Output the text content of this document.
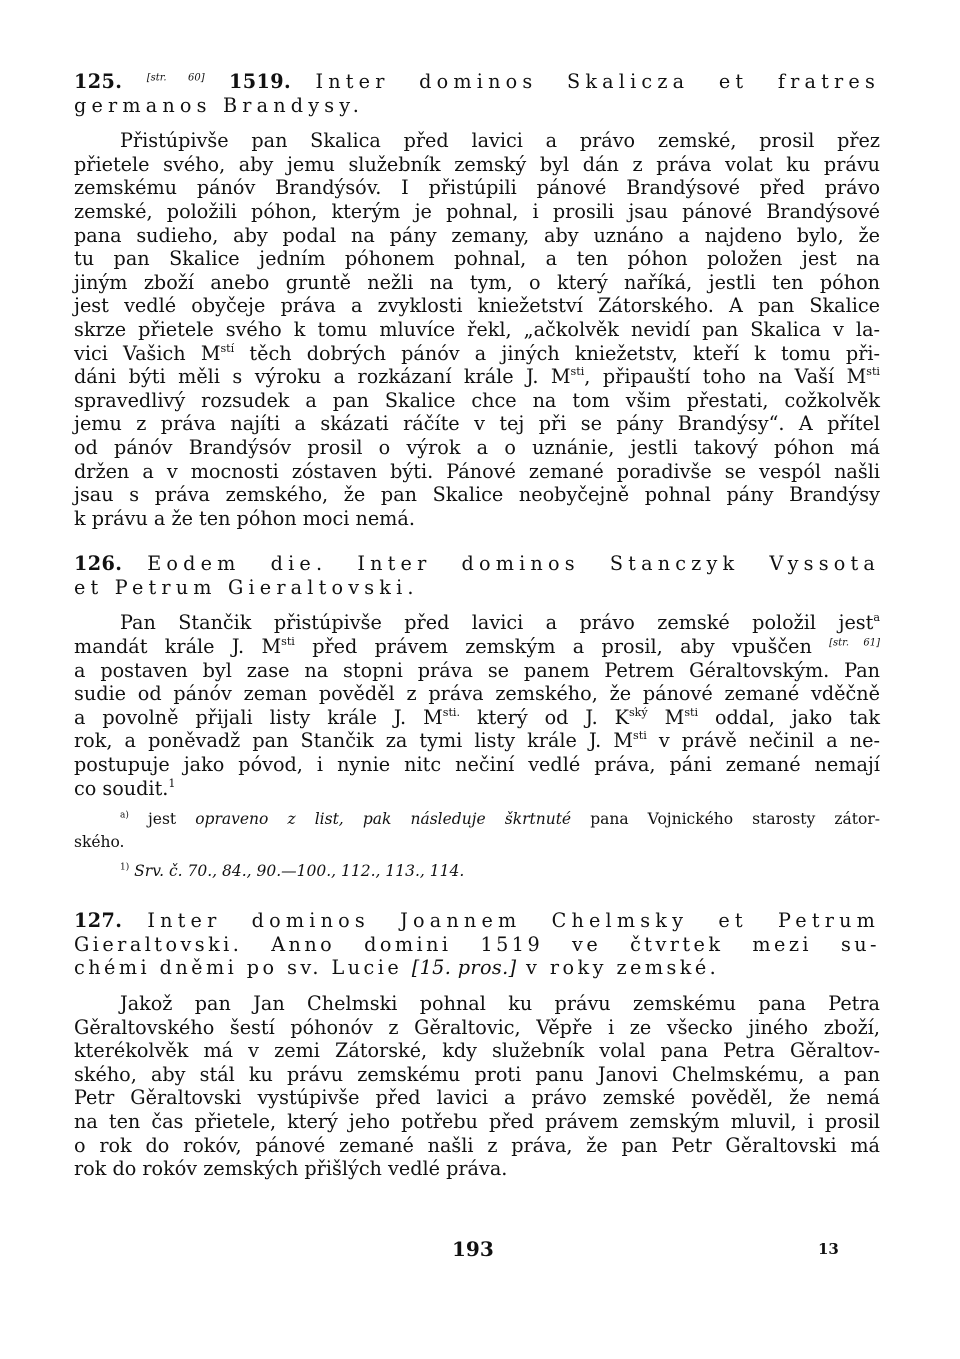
125. [str. 60] 1519. Inter dominos Skalicza et fratres
germanos Brandysy.
Přistúpivše pan Skalica před lavici a právo zemské, prosil přez
přietele svého, aby jemu služebník zemský byl dán z práva volat ku právu
zemskému pánóv Brandýsóv. I přistúpili pánové Brandýsové před právo
zemské, položili póhon, kterým je pohnal, i prosili jsau pánové Brandýsové
pana sudieho, aby podal na pány zemany, aby uznáno a najdeno bylo, že
tu pan Skalice jedním póhonem pohnal, a ten póhon položen jest na
jiným zboží anebo gruntě nežli na tym, o který naříká, jestli ten póhon
jest vedlé obyčeje práva a zvyklosti kniežetství Zátorského. A pan Skalice
skrze přietele svého k tomu mluvíce řekl, „ačkolvěk nevidí pan Skalica v la-
vici Vašich $M^{stí}$ těch dobrých pánóv a jiných kniežetstv, kteří k tomu při-
dáni býti měli s výroku a rozkázaní krále J. $M^{sti}$, připauští toho na Vaší $M^{sti}$
spravedlivý rozsudek a pan Skalice chce na tom všim přestati, cožkolvěk
jemu z práva najíti a skázati ráčíte v tej při se pány Brandýsy“. A přítel
od pánóv Brandýsóv prosil o výrok a o uznánie, jestli takový póhon má
držen a v mocnosti zóstaven býti. Pánové zemané poradivše se vespól našli
jsau s práva zemského, že pan Skalice neobyčejně pohnal pány Brandýsy
k právu a že ten póhon moci nemá.
126. Eodem die. Inter dominos Stanczyk Vyssota
et Petrum Gieraltovski.
Pan Stančik přistúpivše před lavici a právo zemské položil jest$^a$
mandát krále J. $M^{sti}$ před právem zemským a prosil, aby vpuščen [str. 61]
a postaven byl zase na stopni práva se panem Petrem Géraltovským. Pan
sudie od pánóv zeman pověděl z práva zemského, že pánové zemané vděčně
a povolně přijali listy krále J. $M^{sti.}$ který od J. $K^{ský}$ $M^{sti}$ oddal, jako tak
rok, a poněvadž pan Stančik za tymi listy krále J. $M^{sti}$ v právě nečinil a ne-
postupuje jako póvod, i nynie nitc nečiní vedlé práva, páni zemané nemají
co soudit.$^1$
$^{a)}$ jest opraveno z list, pak následuje škrtnuté pana Vojnického starosty zátor-
ského.
$^{1)}$ Srv. č. 70., 84., 90.—100., 112., 113., 114.
127. Inter dominos Joannem Chelmsky et Petrum
Gieraltovski. Anno domini 1519 ve čtvrtek mezi su-
chémi dněmi po sv. Lucie [15. pros.] v roky zemské.
Jakož pan Jan Chelmski pohnal ku právu zemskému pana Petra
Gěraltovského šestí póhonóv z Gěraltovic, Věpře i ze všecko jiného zboží,
kterékolvěk má v zemi Zátorské, kdy služebník volal pana Petra Gěraltov-
ského, aby stál ku právu zemskému proti panu Janovi Chelmskému, a pan
Petr Gěraltovski vystúpivše před lavici a právo zemské pověděl, že nemá
na ten čas přietele, který jeho potřebu před právem zemským mluvil, i prosil
o rok do rokóv, pánové zemané našli z práva, že pan Petr Gěraltovski má
rok do rokóv zemských přišlých vedlé práva.
193	13
